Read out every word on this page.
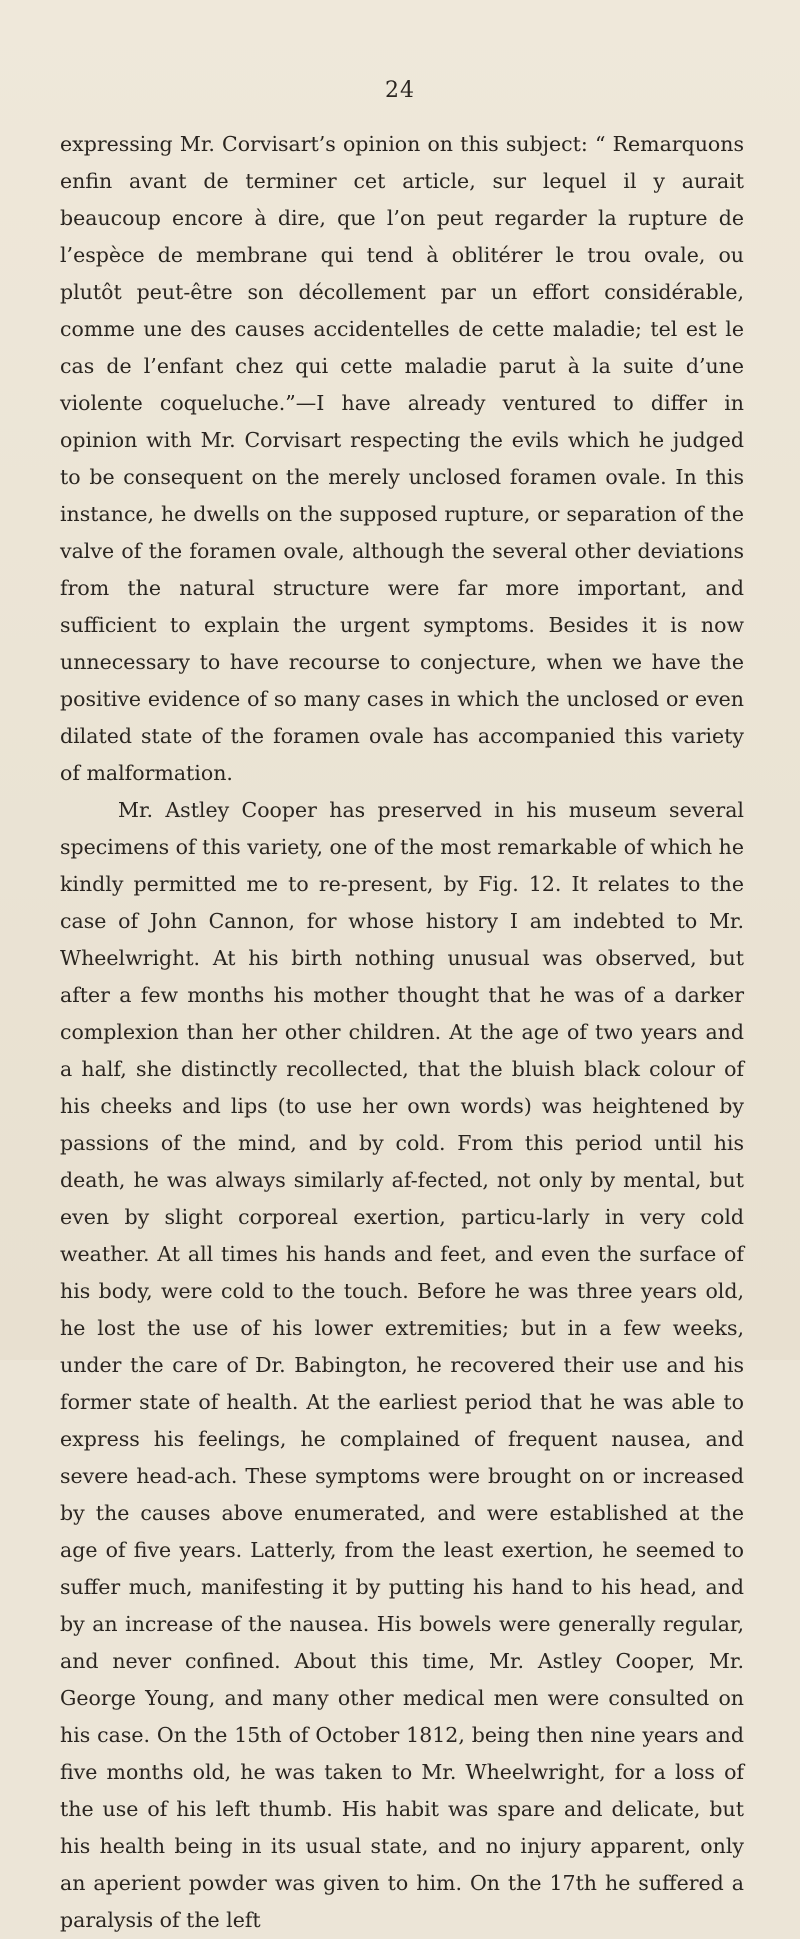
24

expressing Mr. Corvisart’s opinion on this subject: “ Remarquons enfin avant de terminer cet article, sur lequel il y aurait beaucoup encore à dire, que l’on peut regarder la rupture de l’espèce de membrane qui tend à oblitérer le trou ovale, ou plutôt peut-être son décollement par un effort considérable, comme une des causes accidentelles de cette maladie; tel est le cas de l’enfant chez qui cette maladie parut à la suite d’une violente coqueluche.”—I have already ventured to differ in opinion with Mr. Corvisart respecting the evils which he judged to be consequent on the merely unclosed foramen ovale. In this instance, he dwells on the supposed rupture, or separation of the valve of the foramen ovale, although the several other deviations from the natural structure were far more important, and sufficient to explain the urgent symptoms. Besides it is now unnecessary to have recourse to conjecture, when we have the positive evidence of so many cases in which the unclosed or even dilated state of the foramen ovale has accompanied this variety of malformation.

Mr. Astley Cooper has preserved in his museum several specimens of this variety, one of the most remarkable of which he kindly permitted me to re-present, by Fig. 12. It relates to the case of John Cannon, for whose history I am indebted to Mr. Wheelwright. At his birth nothing unusual was observed, but after a few months his mother thought that he was of a darker complexion than her other children. At the age of two years and a half, she distinctly recollected, that the bluish black colour of his cheeks and lips (to use her own words) was heightened by passions of the mind, and by cold. From this period until his death, he was always similarly af-fected, not only by mental, but even by slight corporeal exertion, particu-larly in very cold weather. At all times his hands and feet, and even the surface of his body, were cold to the touch. Before he was three years old, he lost the use of his lower extremities; but in a few weeks, under the care of Dr. Babington, he recovered their use and his former state of health. At the earliest period that he was able to express his feelings, he complained of frequent nausea, and severe head-ach. These symptoms were brought on or increased by the causes above enumerated, and were established at the age of five years. Latterly, from the least exertion, he seemed to suffer much, manifesting it by putting his hand to his head, and by an increase of the nausea. His bowels were generally regular, and never confined. About this time, Mr. Astley Cooper, Mr. George Young, and many other medical men were consulted on his case. On the 15th of October 1812, being then nine years and five months old, he was taken to Mr. Wheelwright, for a loss of the use of his left thumb. His habit was spare and delicate, but his health being in its usual state, and no injury apparent, only an aperient powder was given to him. On the 17th he suffered a paralysis of the left
